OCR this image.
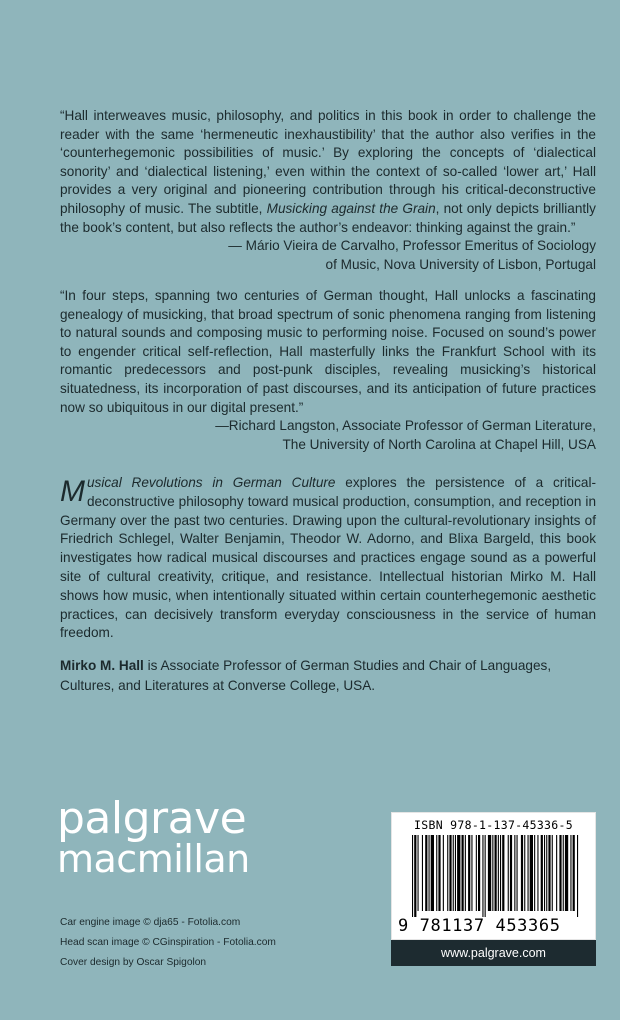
“Hall interweaves music, philosophy, and politics in this book in order to challenge the reader with the same ‘hermeneutic inexhaustibility’ that the author also verifies in the ‘counterhegemonic possibilities of music.’ By exploring the concepts of ‘dialectical sonority’ and ‘dialectical listening,’ even within the context of so-called ‘lower art,’ Hall provides a very original and pioneering contribution through his critical-deconstructive philosophy of music. The subtitle, Musicking against the Grain, not only depicts brilliantly the book’s content, but also reflects the author’s endeavor: thinking against the grain.”

— Mário Vieira de Carvalho, Professor Emeritus of Sociology

of Music, Nova University of Lisbon, Portugal

“In four steps, spanning two centuries of German thought, Hall unlocks a fascinating genealogy of musicking, that broad spectrum of sonic phenomena ranging from listening to natural sounds and composing music to performing noise. Focused on sound’s power to engender critical self-reflection, Hall masterfully links the Frankfurt School with its romantic predecessors and post-punk disciples, revealing musicking’s historical situatedness, its incorporation of past discourses, and its anticipation of future practices now so ubiquitous in our digital present.”

—Richard Langston, Associate Professor of German Literature,

The University of North Carolina at Chapel Hill, USA

Musical Revolutions in German Culture explores the persistence of a critical-deconstructive philosophy toward musical production, consumption, and reception in Germany over the past two centuries. Drawing upon the cultural-revolutionary insights of Friedrich Schlegel, Walter Benjamin, Theodor W. Adorno, and Blixa Bargeld, this book investigates how radical musical discourses and practices engage sound as a powerful site of cultural creativity, critique, and resistance. Intellectual historian Mirko M. Hall shows how music, when intentionally situated within certain counterhegemonic aesthetic practices, can decisively transform everyday consciousness in the service of human freedom.
Mirko M. Hall is Associate Professor of German Studies and Chair of Languages, Cultures, and Literatures at Converse College, USA.
palgrave
macmillan
Car engine image © dja65 - Fotolia.com
Head scan image © CGinspiration - Fotolia.com
Cover design by Oscar Spigolon
ISBN 978-1-137-45336-5
9 781137 453365
www.palgrave.com
